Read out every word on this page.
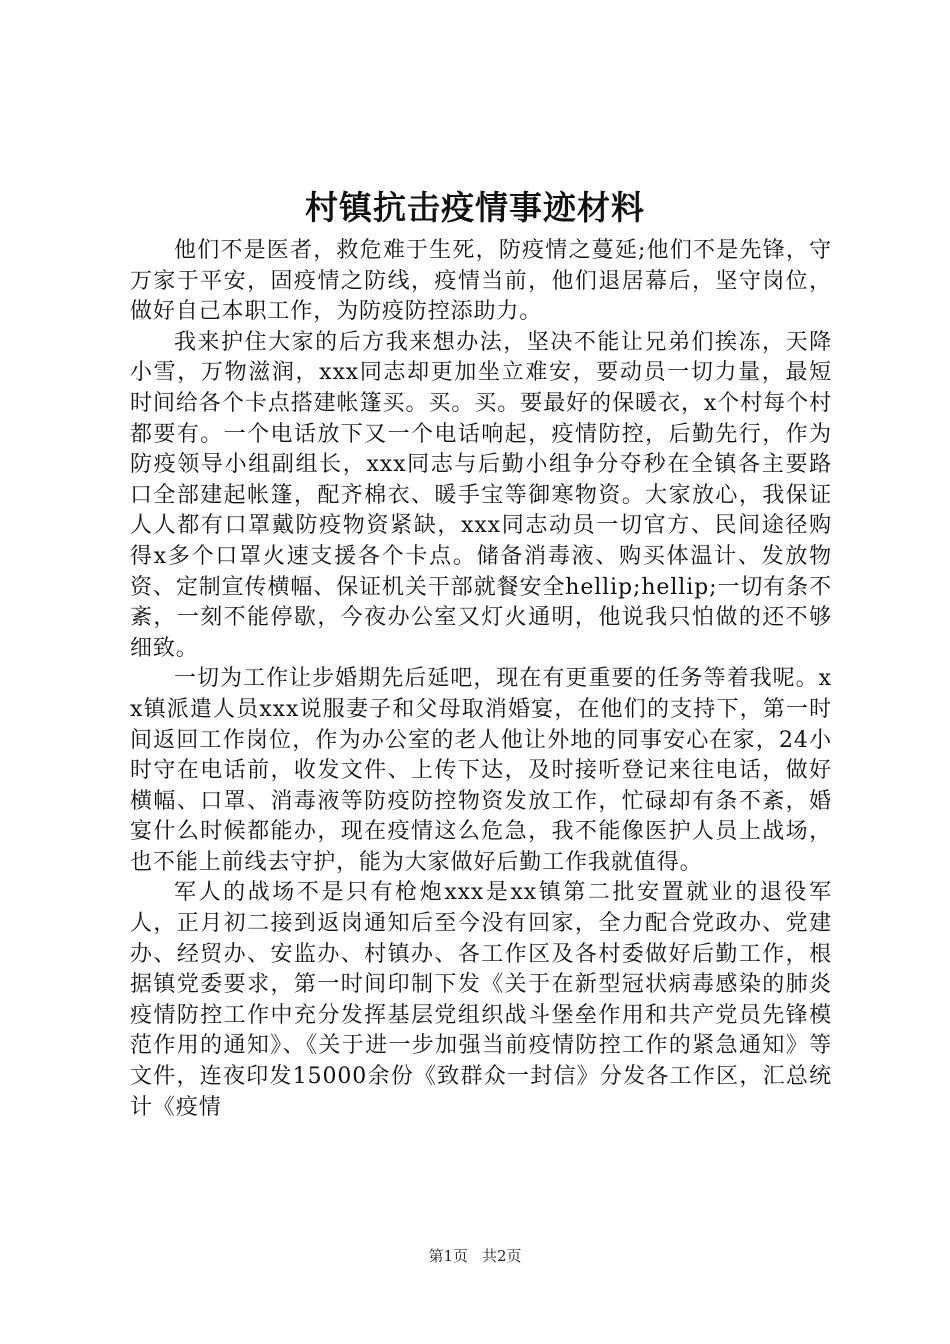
村镇抗击疫情事迹材料

他们不是医者，救危难于生死，防疫情之蔓延;他们不是先锋，守万家于平安，固疫情之防线，疫情当前，他们退居幕后，坚守岗位，做好自己本职工作，为防疫防控添助力。

我来护住大家的后方我来想办法，坚决不能让兄弟们挨冻，天降小雪，万物滋润，xxx同志却更加坐立难安，要动员一切力量，最短时间给各个卡点搭建帐篷买。买。买。要最好的保暖衣，x个村每个村都要有。一个电话放下又一个电话响起，疫情防控，后勤先行，作为防疫领导小组副组长，xxx同志与后勤小组争分夺秒在全镇各主要路口全部建起帐篷，配齐棉衣、暖手宝等御寒物资。大家放心，我保证人人都有口罩戴防疫物资紧缺，xxx同志动员一切官方、民间途径购得x多个口罩火速支援各个卡点。储备消毒液、购买体温计、发放物资、定制宣传横幅、保证机关干部就餐安全hellip;hellip;一切有条不紊，一刻不能停歇，今夜办公室又灯火通明，他说我只怕做的还不够细致。

一切为工作让步婚期先后延吧，现在有更重要的任务等着我呢。xx镇派遣人员xxx说服妻子和父母取消婚宴，在他们的支持下，第一时间返回工作岗位，作为办公室的老人他让外地的同事安心在家，24小时守在电话前，收发文件、上传下达，及时接听登记来往电话，做好横幅、口罩、消毒液等防疫防控物资发放工作，忙碌却有条不紊，婚宴什么时候都能办，现在疫情这么危急，我不能像医护人员上战场，也不能上前线去守护，能为大家做好后勤工作我就值得。

军人的战场不是只有枪炮xxx是xx镇第二批安置就业的退役军人，正月初二接到返岗通知后至今没有回家，全力配合党政办、党建办、经贸办、安监办、村镇办、各工作区及各村委做好后勤工作，根据镇党委要求，第一时间印制下发《关于在新型冠状病毒感染的肺炎疫情防控工作中充分发挥基层党组织战斗堡垒作用和共产党员先锋模范作用的通知》、《关于进一步加强当前疫情防控工作的紧急通知》等文件，连夜印发15000余份《致群众一封信》分发各工作区，汇总统计《疫情

第1页 共2页
